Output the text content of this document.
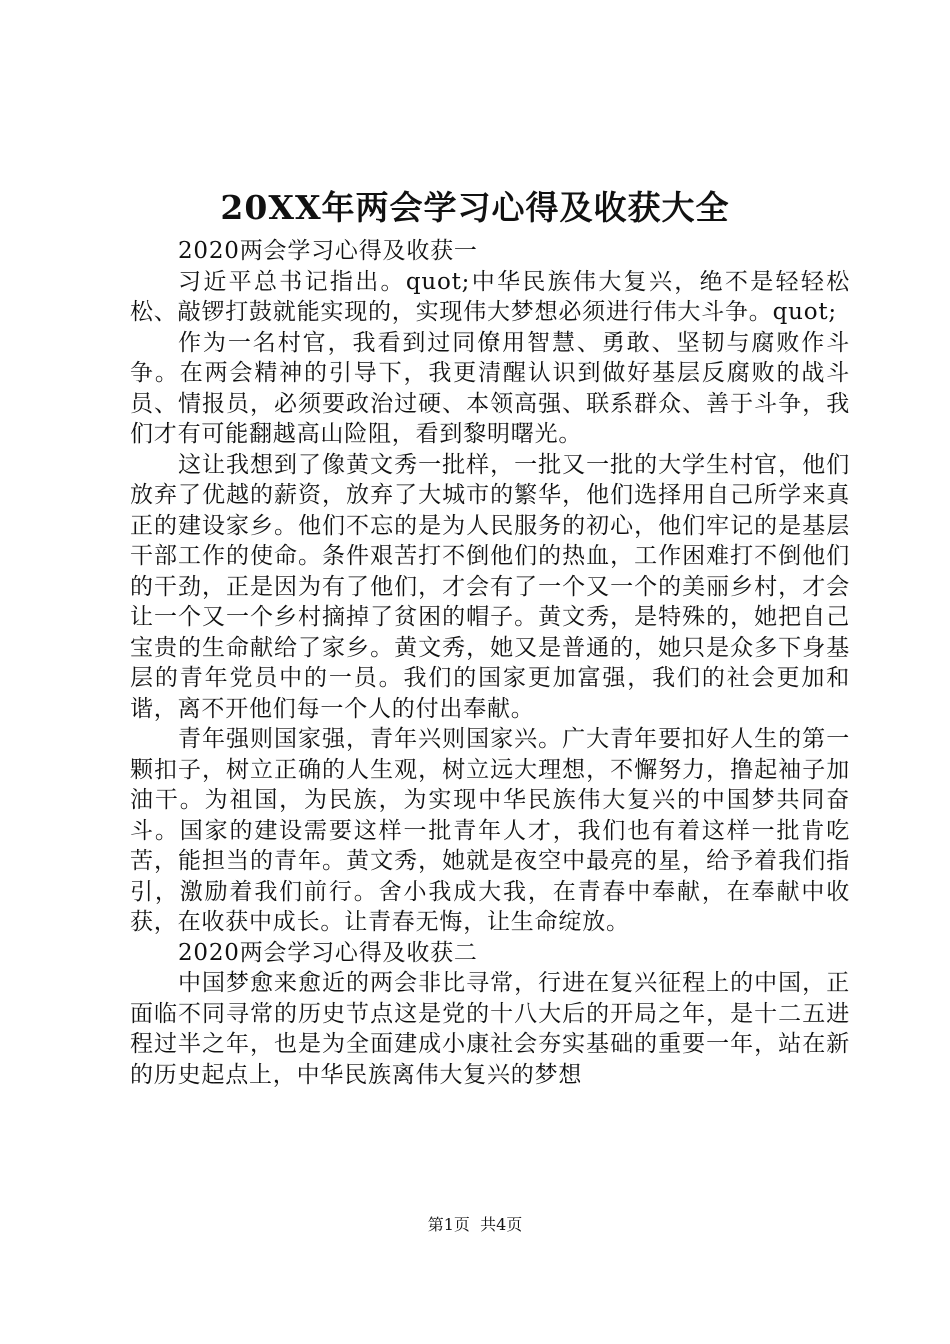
20XX年两会学习心得及收获大全

2020两会学习心得及收获一

习近平总书记指出。quot;中华民族伟大复兴，绝不是轻轻松松、敲锣打鼓就能实现的，实现伟大梦想必须进行伟大斗争。quot;

作为一名村官，我看到过同僚用智慧、勇敢、坚韧与腐败作斗争。在两会精神的引导下，我更清醒认识到做好基层反腐败的战斗员、情报员，必须要政治过硬、本领高强、联系群众、善于斗争，我们才有可能翻越高山险阻，看到黎明曙光。

这让我想到了像黄文秀一批样，一批又一批的大学生村官，他们放弃了优越的薪资，放弃了大城市的繁华，他们选择用自己所学来真正的建设家乡。他们不忘的是为人民服务的初心，他们牢记的是基层干部工作的使命。条件艰苦打不倒他们的热血，工作困难打不倒他们的干劲，正是因为有了他们，才会有了一个又一个的美丽乡村，才会让一个又一个乡村摘掉了贫困的帽子。黄文秀，是特殊的，她把自己宝贵的生命献给了家乡。黄文秀，她又是普通的，她只是众多下身基层的青年党员中的一员。我们的国家更加富强，我们的社会更加和谐，离不开他们每一个人的付出奉献。

青年强则国家强，青年兴则国家兴。广大青年要扣好人生的第一颗扣子，树立正确的人生观，树立远大理想，不懈努力，撸起袖子加油干。为祖国，为民族，为实现中华民族伟大复兴的中国梦共同奋斗。国家的建设需要这样一批青年人才，我们也有着这样一批肯吃苦，能担当的青年。黄文秀，她就是夜空中最亮的星，给予着我们指引，激励着我们前行。舍小我成大我，在青春中奉献，在奉献中收获，在收获中成长。让青春无悔，让生命绽放。

2020两会学习心得及收获二

中国梦愈来愈近的两会非比寻常，行进在复兴征程上的中国，正面临不同寻常的历史节点这是党的十八大后的开局之年，是十二五进程过半之年，也是为全面建成小康社会夯实基础的重要一年，站在新的历史起点上，中华民族离伟大复兴的梦想

第1页 共4页
